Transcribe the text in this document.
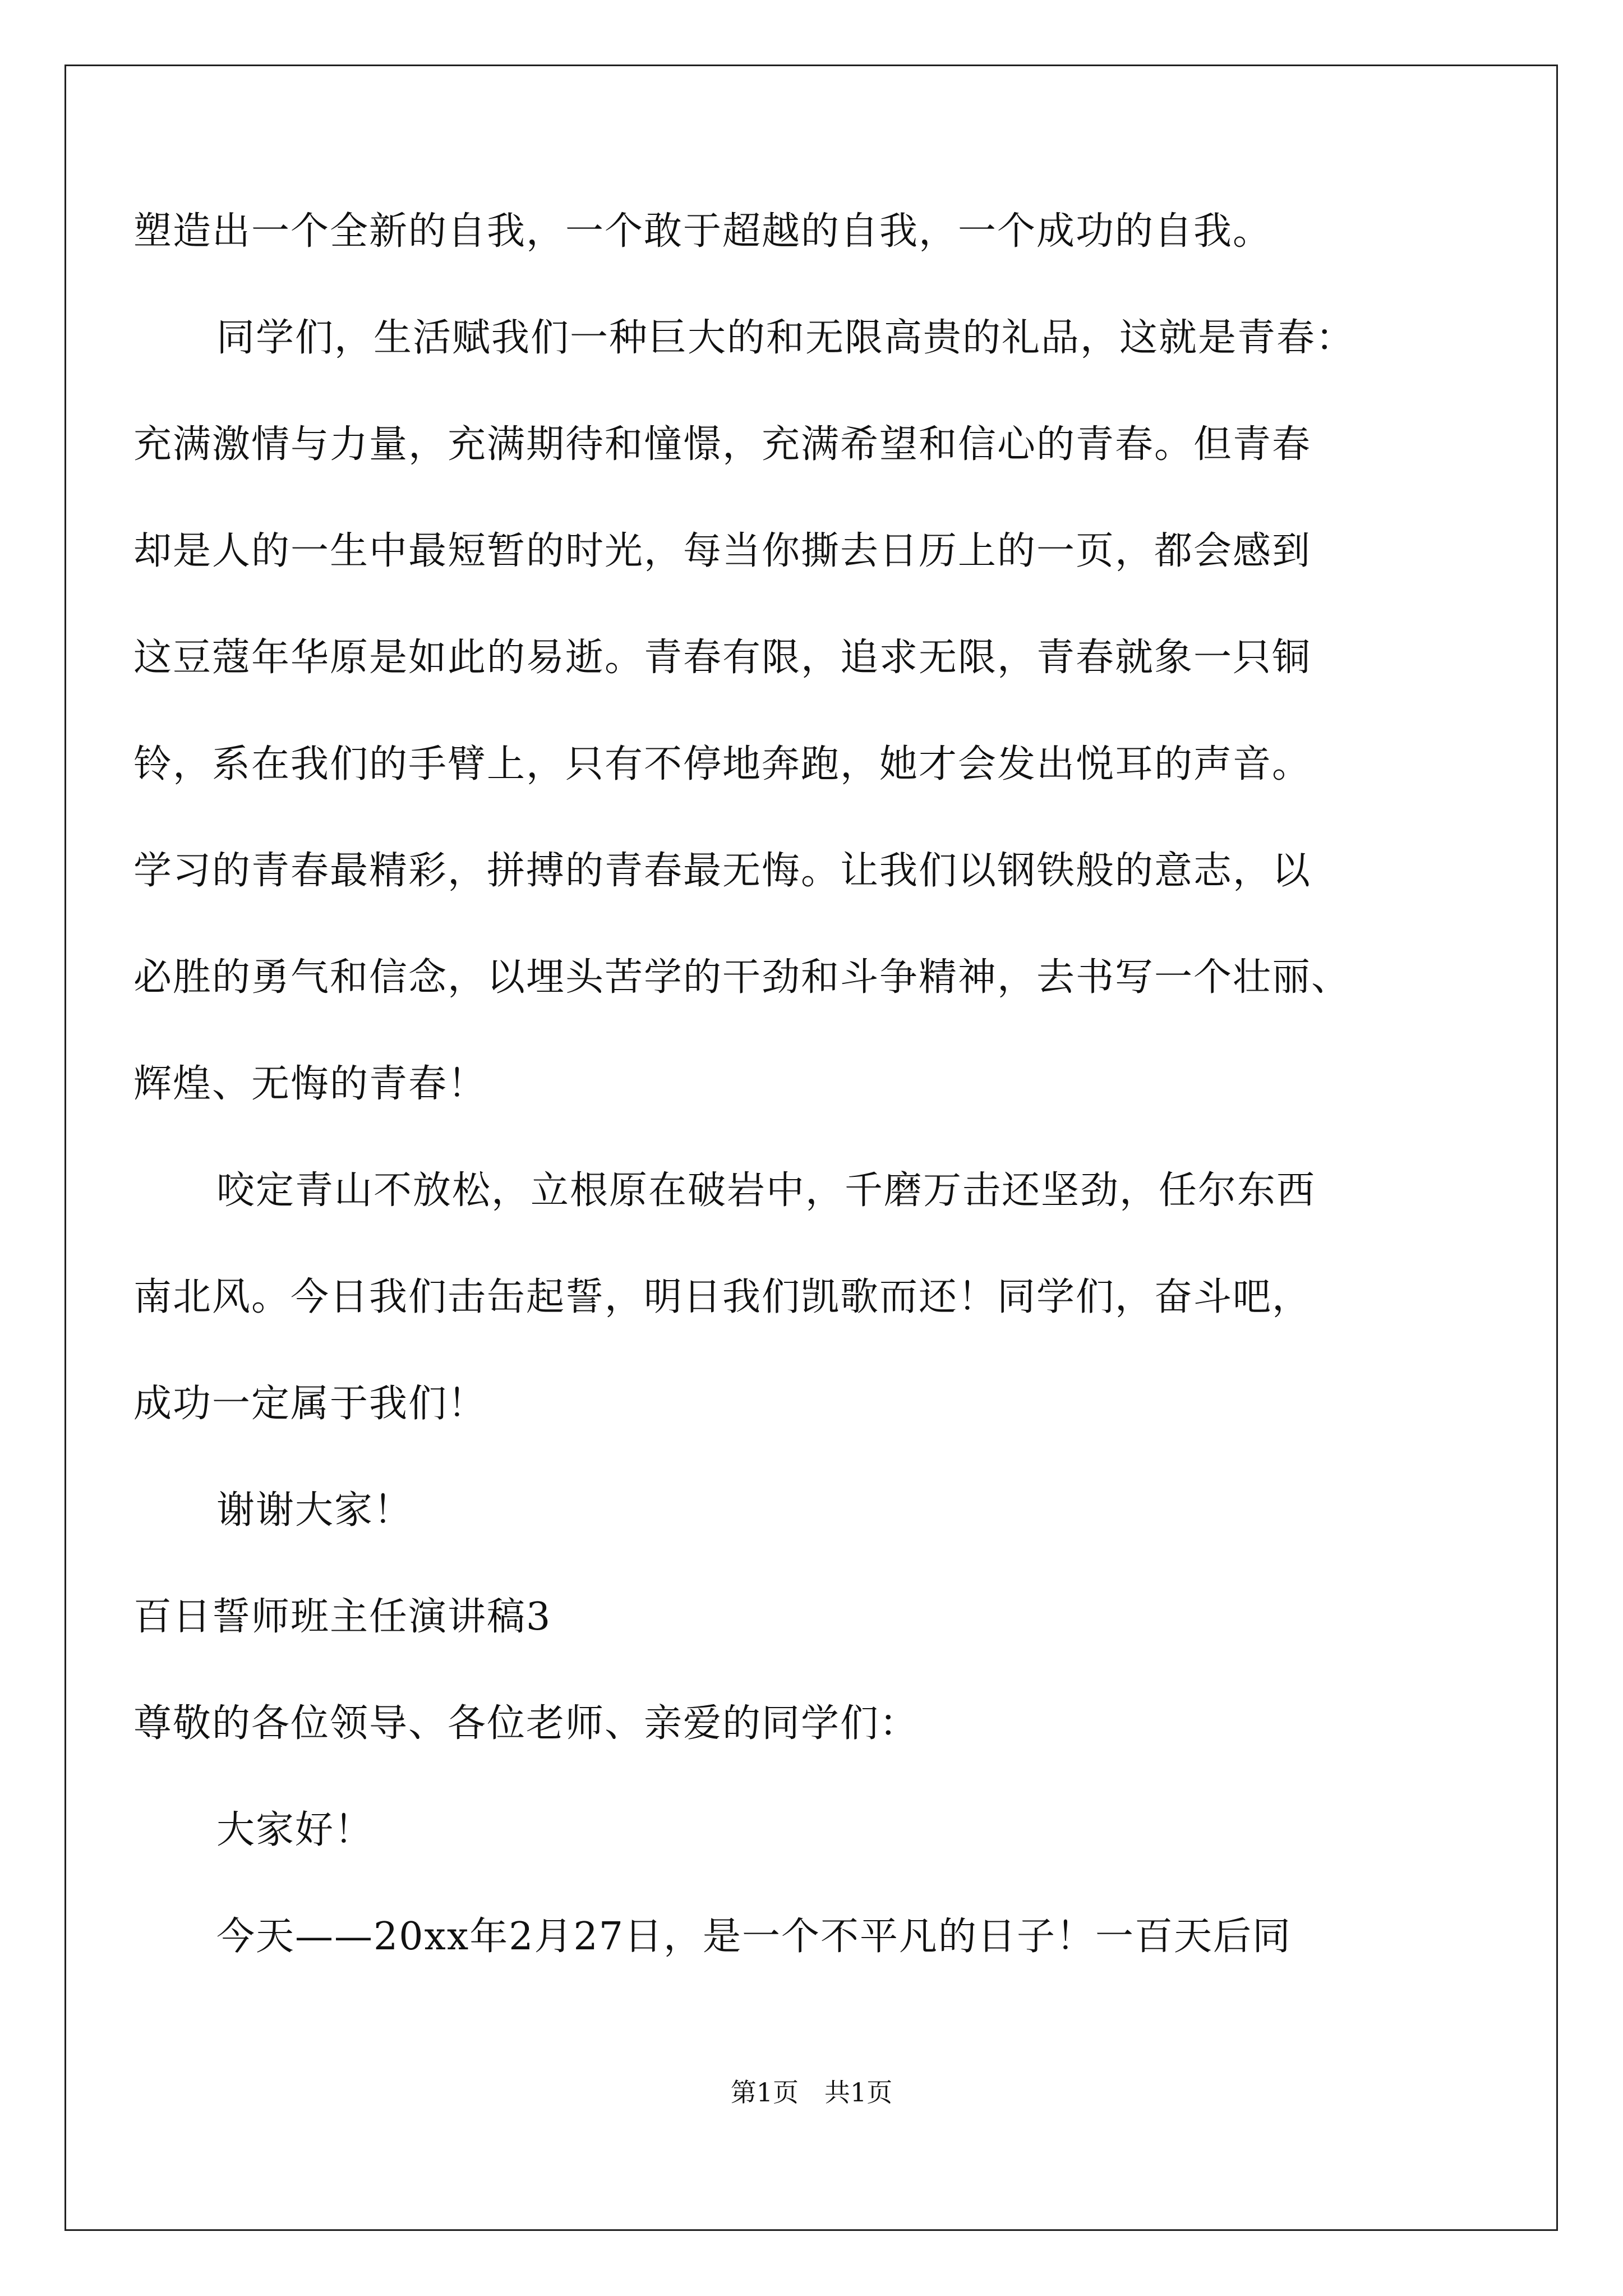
塑造出一个全新的自我，一个敢于超越的自我，一个成功的自我。
同学们，生活赋我们一种巨大的和无限高贵的礼品，这就是青春：
充满激情与力量，充满期待和憧憬，充满希望和信心的青春。但青春
却是人的一生中最短暂的时光，每当你撕去日历上的一页，都会感到
这豆蔻年华原是如此的易逝。青春有限，追求无限，青春就象一只铜
铃，系在我们的手臂上，只有不停地奔跑，她才会发出悦耳的声音。
学习的青春最精彩，拼搏的青春最无悔。让我们以钢铁般的意志，以
必胜的勇气和信念，以埋头苦学的干劲和斗争精神，去书写一个壮丽、
辉煌、无悔的青春！
咬定青山不放松，立根原在破岩中，千磨万击还坚劲，任尔东西
南北风。今日我们击缶起誓，明日我们凯歌而还！同学们，奋斗吧，
成功一定属于我们！
谢谢大家！
百日誓师班主任演讲稿3
尊敬的各位领导、各位老师、亲爱的同学们：
大家好！
今天——20xx年2月27日，是一个不平凡的日子！一百天后同
第1页　共1页
